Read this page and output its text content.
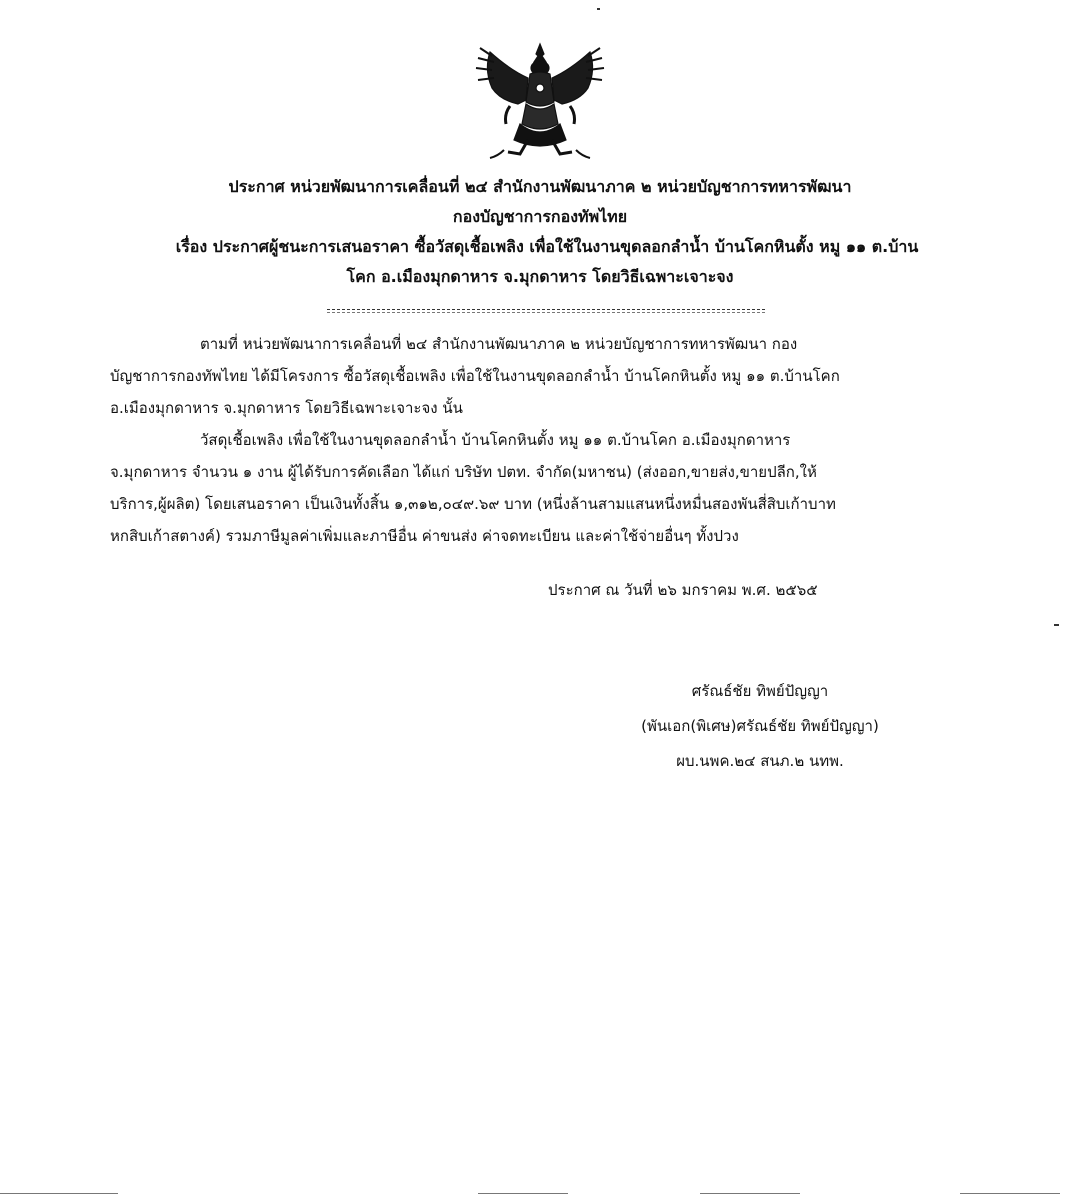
ประกาศ หน่วยพัฒนาการเคลื่อนที่ ๒๔ สำนักงานพัฒนาภาค ๒ หน่วยบัญชาการทหารพัฒนา
กองบัญชาการกองทัพไทย
เรื่อง ประกาศผู้ชนะการเสนอราคา ซื้อวัสดุเชื้อเพลิง เพื่อใช้ในงานขุดลอกลำน้ำ บ้านโคกหินตั้ง หมู ๑๑ ต.บ้าน
โคก อ.เมืองมุกดาหาร จ.มุกดาหาร โดยวิธีเฉพาะเจาะจง
ตามที่ หน่วยพัฒนาการเคลื่อนที่ ๒๔ สำนักงานพัฒนาภาค ๒ หน่วยบัญชาการทหารพัฒนา กอง
บัญชาการกองทัพไทย ได้มีโครงการ ซื้อวัสดุเชื้อเพลิง เพื่อใช้ในงานขุดลอกลำน้ำ บ้านโคกหินตั้ง หมู ๑๑ ต.บ้านโคก
อ.เมืองมุกดาหาร จ.มุกดาหาร โดยวิธีเฉพาะเจาะจง นั้น
วัสดุเชื้อเพลิง เพื่อใช้ในงานขุดลอกลำน้ำ บ้านโคกหินตั้ง หมู ๑๑ ต.บ้านโคก อ.เมืองมุกดาหาร
จ.มุกดาหาร จำนวน ๑ งาน ผู้ได้รับการคัดเลือก ได้แก่ บริษัท ปตท. จำกัด(มหาชน) (ส่งออก,ขายส่ง,ขายปลีก,ให้
บริการ,ผู้ผลิต) โดยเสนอราคา เป็นเงินทั้งสิ้น ๑,๓๑๒,๐๔๙.๖๙ บาท (หนึ่งล้านสามแสนหนึ่งหมื่นสองพันสี่สิบเก้าบาท
หกสิบเก้าสตางค์) รวมภาษีมูลค่าเพิ่มและภาษีอื่น ค่าขนส่ง ค่าจดทะเบียน และค่าใช้จ่ายอื่นๆ ทั้งปวง
ประกาศ ณ วันที่ ๒๖ มกราคม พ.ศ. ๒๕๖๕
ศรัณธ์ชัย ทิพย์ปัญญา
(พันเอก(พิเศษ)ศรัณธ์ชัย ทิพย์ปัญญา)
ผบ.นพค.๒๔ สนภ.๒ นทพ.
